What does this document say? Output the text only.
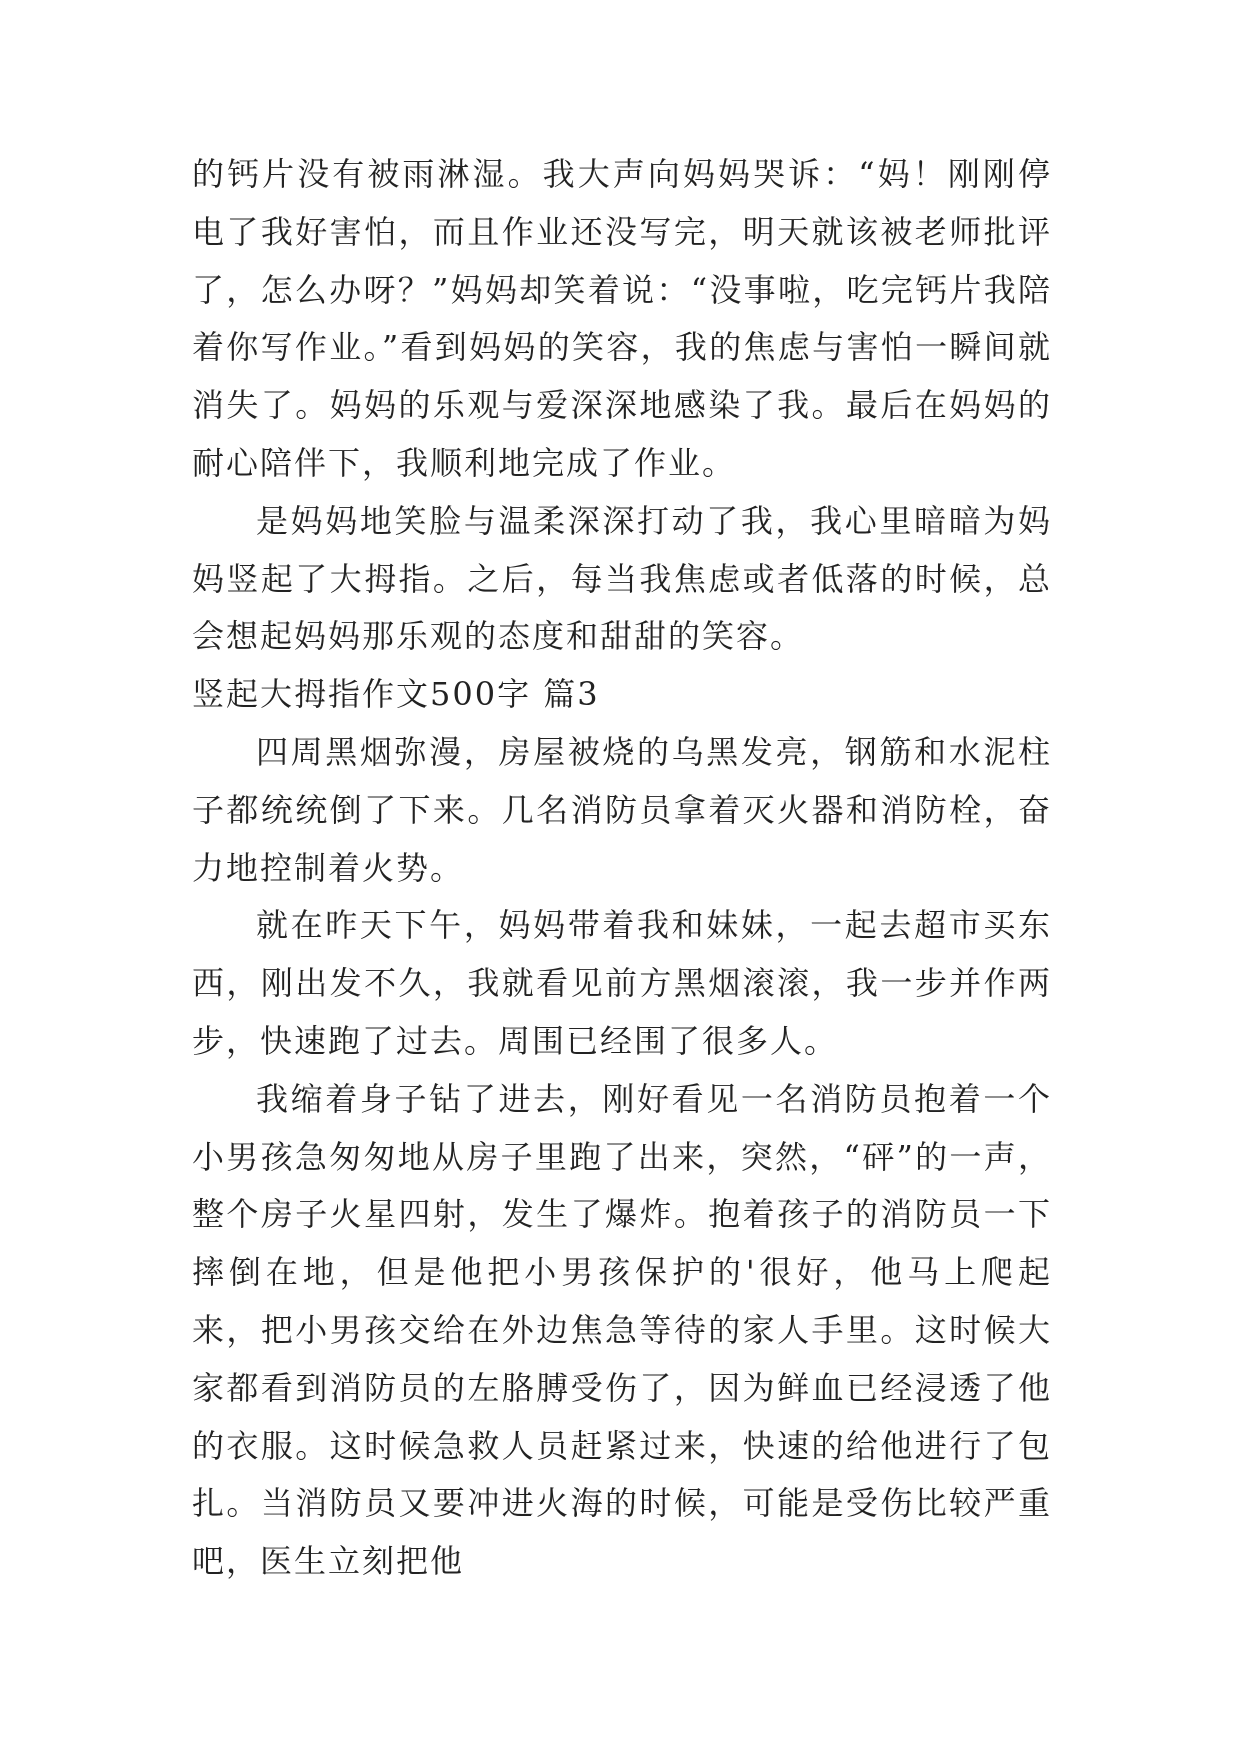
的钙片没有被雨淋湿。我大声向妈妈哭诉：“妈！刚刚停电了我好害怕，而且作业还没写完，明天就该被老师批评了，怎么办呀？”妈妈却笑着说：“没事啦，吃完钙片我陪着你写作业。”看到妈妈的笑容，我的焦虑与害怕一瞬间就消失了。妈妈的乐观与爱深深地感染了我。最后在妈妈的耐心陪伴下，我顺利地完成了作业。

是妈妈地笑脸与温柔深深打动了我，我心里暗暗为妈妈竖起了大拇指。之后，每当我焦虑或者低落的时候，总会想起妈妈那乐观的态度和甜甜的笑容。

竖起大拇指作文500字 篇3

四周黑烟弥漫，房屋被烧的乌黑发亮，钢筋和水泥柱子都统统倒了下来。几名消防员拿着灭火器和消防栓，奋力地控制着火势。

就在昨天下午，妈妈带着我和妹妹，一起去超市买东西，刚出发不久，我就看见前方黑烟滚滚，我一步并作两步，快速跑了过去。周围已经围了很多人。

我缩着身子钻了进去，刚好看见一名消防员抱着一个小男孩急匆匆地从房子里跑了出来，突然，“砰”的一声，整个房子火星四射，发生了爆炸。抱着孩子的消防员一下摔倒在地，但是他把小男孩保护的'很好，他马上爬起来，把小男孩交给在外边焦急等待的家人手里。这时候大家都看到消防员的左胳膊受伤了，因为鲜血已经浸透了他的衣服。这时候急救人员赶紧过来，快速的给他进行了包扎。当消防员又要冲进火海的时候，可能是受伤比较严重吧，医生立刻把他
